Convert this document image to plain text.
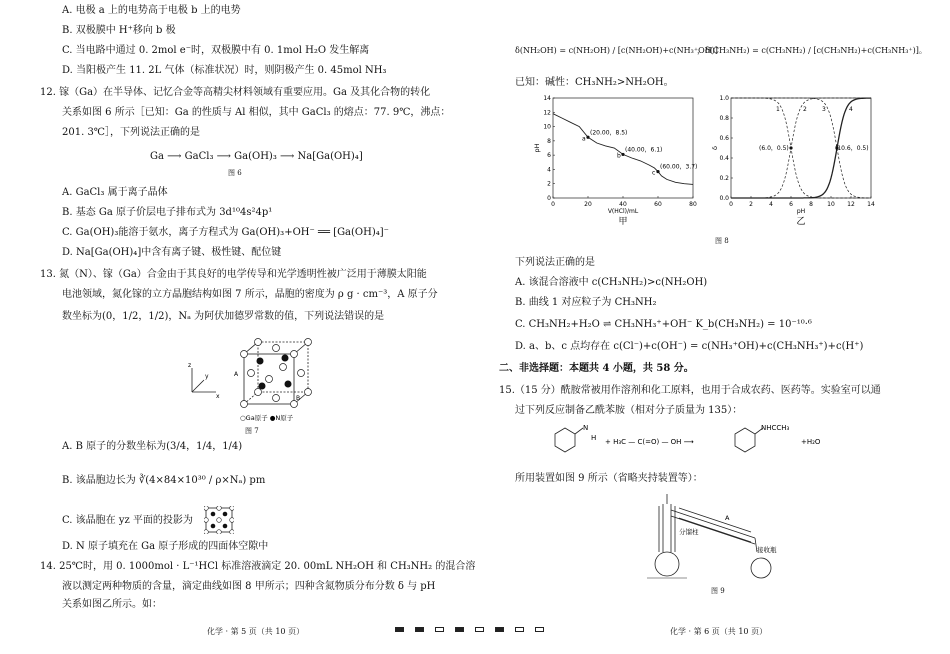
A. 电极 a 上的电势高于电极 b 上的电势
B. 双极膜中 H⁺移向 b 极
C. 当电路中通过 0. 2mol e⁻时，双极膜中有 0. 1mol H₂O 发生解离
D. 当阳极产生 11. 2L 气体（标准状况）时，则阴极产生 0. 45mol NH₃
12. 镓（Ga）在半导体、记忆合金等高精尖材料领域有重要应用。Ga 及其化合物的转化
关系如图 6 所示［已知：Ga 的性质与 Al 相似，其中 GaCl₃ 的熔点：77. 9℃，沸点：
201. 3℃］，下列说法正确的是
Ga ⟶ GaCl₃ ⟶ Ga(OH)₃ ⟶ Na[Ga(OH)₄]
图 6
A. GaCl₃ 属于离子晶体
B. 基态 Ga 原子价层电子排布式为 3d¹⁰4s²4p¹
C. Ga(OH)₃能溶于氨水，离子方程式为 Ga(OH)₃+OH⁻ ══ [Ga(OH)₄]⁻
D. Na[Ga(OH)₄]中含有离子键、极性键、配位键
13. 氮（N）、镓（Ga）合金由于其良好的电学传导和光学透明性被广泛用于薄膜太阳能
电池领域，氮化镓的立方晶胞结构如图 7 所示，晶胞的密度为 ρ g · cm⁻³，A 原子分
数坐标为(0，1/2，1/2)，Nₐ 为阿伏加德罗常数的值，下列说法错误的是
z
y
x
A
B
○Ga原子 ●N原子
图 7
A. B 原子的分数坐标为(3/4，1/4，1/4)
B. 该晶胞边长为 ∛(4×84×10³⁰ / ρ×Nₐ) pm
C. 该晶胞在 yz 平面的投影为
D. N 原子填充在 Ga 原子形成的四面体空隙中
14. 25℃时，用 0. 1000mol · L⁻¹HCl 标准溶液滴定 20. 00mL NH₂OH 和 CH₃NH₂ 的混合溶
液以测定两种物质的含量，滴定曲线如图 8 甲所示；四种含氮物质分布分数 δ 与 pH
关系如图乙所示。如：
化学 · 第 5 页（共 10 页）
δ(NH₂OH) = c(NH₂OH) / [c(NH₂OH)+c(NH₃⁺OH)]
，δ(CH₃NH₂) = c(CH₃NH₂) / [c(CH₃NH₂)+c(CH₃NH₃⁺)]。
已知：碱性：CH₃NH₂>NH₂OH。
0	20	40	60	80
0
2
4
6
8
10
12
14
V(HCl)/mL
pH
甲
a
(20.00，8.5)
b
(40.00，6.1)
c
(60.00，3.7)
0	2	4	6	8 10 12 14
0.0
0.2
0.4
0.6
0.8
1.0
pH
δ
乙
1	2	3	4
(6.0，0.5)	(10.6，0.5)
图 8
下列说法正确的是
A. 该混合溶液中 c(CH₃NH₂)>c(NH₂OH)
B. 曲线 1 对应粒子为 CH₃NH₂
C. CH₃NH₂+H₂O ⇌ CH₃NH₃⁺+OH⁻ K_b(CH₃NH₂) = 10⁻¹⁰·⁶
D. a、b、c 点均存在 c(Cl⁻)+c(OH⁻) = c(NH₃⁺OH)+c(CH₃NH₃⁺)+c(H⁺)
二、非选择题：本题共 4 小题，共 58 分。
15.（15 分）酰胺常被用作溶剂和化工原料，也用于合成农药、医药等。实验室可以通
过下列反应制备乙酰苯胺（相对分子质量为 135）：
N
H + H₃C — C(=O) — OH ⟶
NHCCH₃
+H₂O
所用装置如图 9 所示（省略夹持装置等）：
分馏柱
A
接收瓶
图 9
化学 · 第 6 页（共 10 页）
